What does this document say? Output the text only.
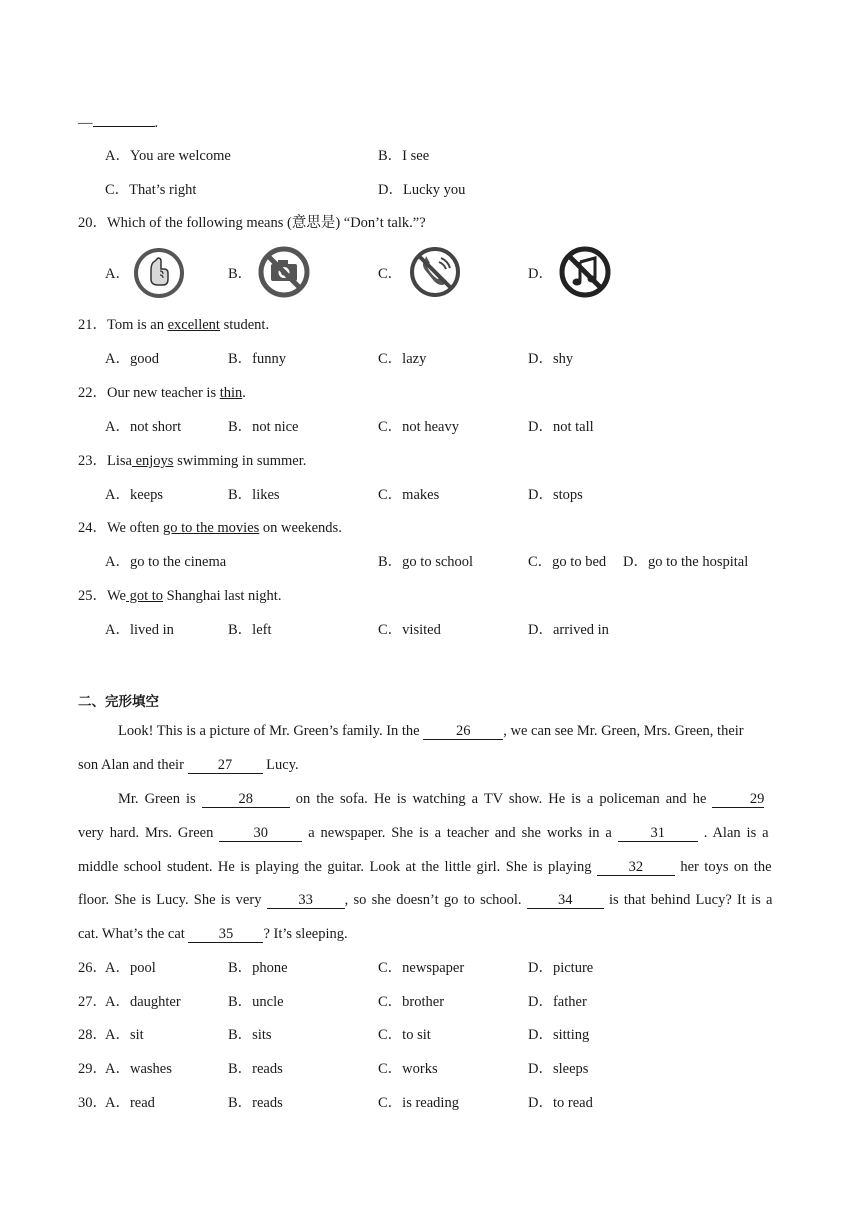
—	.
A．You are welcome	B．I see
C．That’s right	D．Lucky you
20．Which of the following means (意思是) “Don’t talk.”?
A．	B．	C．	D．
21．Tom is an excellent student.
A．good	B．funny	C．lazy	D．shy
22．Our new teacher is thin.
A．not short	B．not nice	C．not heavy	D．not tall
23．Lisa enjoys swimming in summer.
A．keeps	B．likes	C．makes	D．stops
24．We often go to the movies on weekends.
A．go to the cinema	B．go to school	C．go to bed D．go to the hospital
25．We got to Shanghai last night.
A．lived in	B．left	C．visited	D．arrived in
二、完形填空
Look! This is a picture of Mr. Green’s family. In the 26 , we can see Mr. Green, Mrs. Green, their
son Alan and their 27 Lucy.
Mr. Green is	28	on the sofa. He is watching a TV show. He is a policeman and he	29
very hard. Mrs. Green 30 a newspaper. She is a teacher and she works in a 31 . Alan is a
middle school student. He is playing the guitar. Look at the little girl. She is playing 32 her toys on the
floor. She is Lucy. She is very 33 , so she doesn’t go to school. 34 is that behind Lucy? It is a
cat. What’s the cat 35 ? It’s sleeping.
26．
A．pool	B．phone	C．newspaper	D．picture
27．
A．daughter	B．uncle	C．brother	D．father
28．
A．sit	B．sits	C．to sit	D．sitting
29．
A．washes	B．reads	C．works	D．sleeps
30．
A．read	B．reads	C．is reading	D．to read
